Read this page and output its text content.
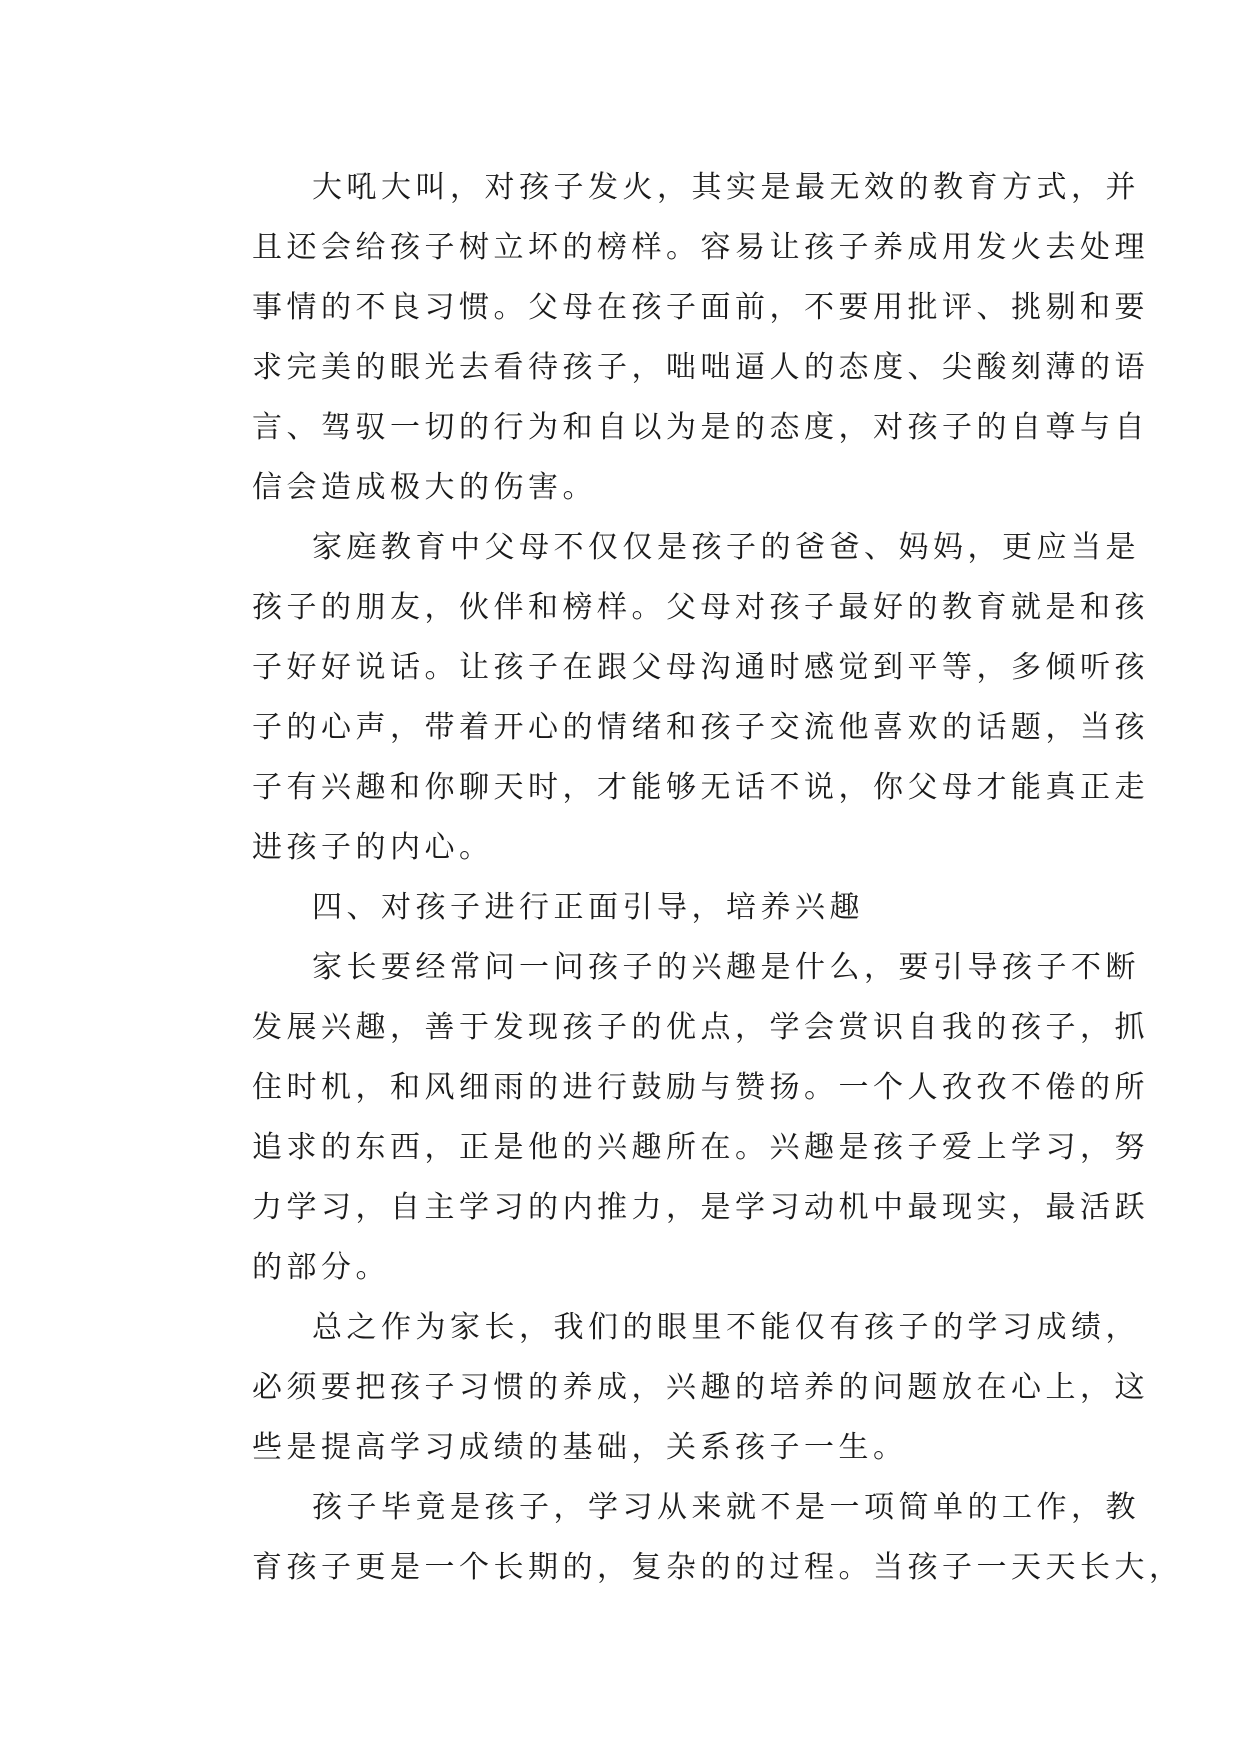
大吼大叫，对孩子发火，其实是最无效的教育方式，并
且还会给孩子树立坏的榜样。容易让孩子养成用发火去处理
事情的不良习惯。父母在孩子面前，不要用批评、挑剔和要
求完美的眼光去看待孩子，咄咄逼人的态度、尖酸刻薄的语
言、驾驭一切的行为和自以为是的态度，对孩子的自尊与自
信会造成极大的伤害。
家庭教育中父母不仅仅是孩子的爸爸、妈妈，更应当是
孩子的朋友，伙伴和榜样。父母对孩子最好的教育就是和孩
子好好说话。让孩子在跟父母沟通时感觉到平等，多倾听孩
子的心声，带着开心的情绪和孩子交流他喜欢的话题，当孩
子有兴趣和你聊天时，才能够无话不说，你父母才能真正走
进孩子的内心。
四、对孩子进行正面引导，培养兴趣
家长要经常问一问孩子的兴趣是什么，要引导孩子不断
发展兴趣，善于发现孩子的优点，学会赏识自我的孩子，抓
住时机，和风细雨的进行鼓励与赞扬。一个人孜孜不倦的所
追求的东西，正是他的兴趣所在。兴趣是孩子爱上学习，努
力学习，自主学习的内推力，是学习动机中最现实，最活跃
的部分。
总之作为家长，我们的眼里不能仅有孩子的学习成绩，
必须要把孩子习惯的养成，兴趣的培养的问题放在心上，这
些是提高学习成绩的基础，关系孩子一生。
孩子毕竟是孩子，学习从来就不是一项简单的工作，教
育孩子更是一个长期的，复杂的的过程。当孩子一天天长大，
